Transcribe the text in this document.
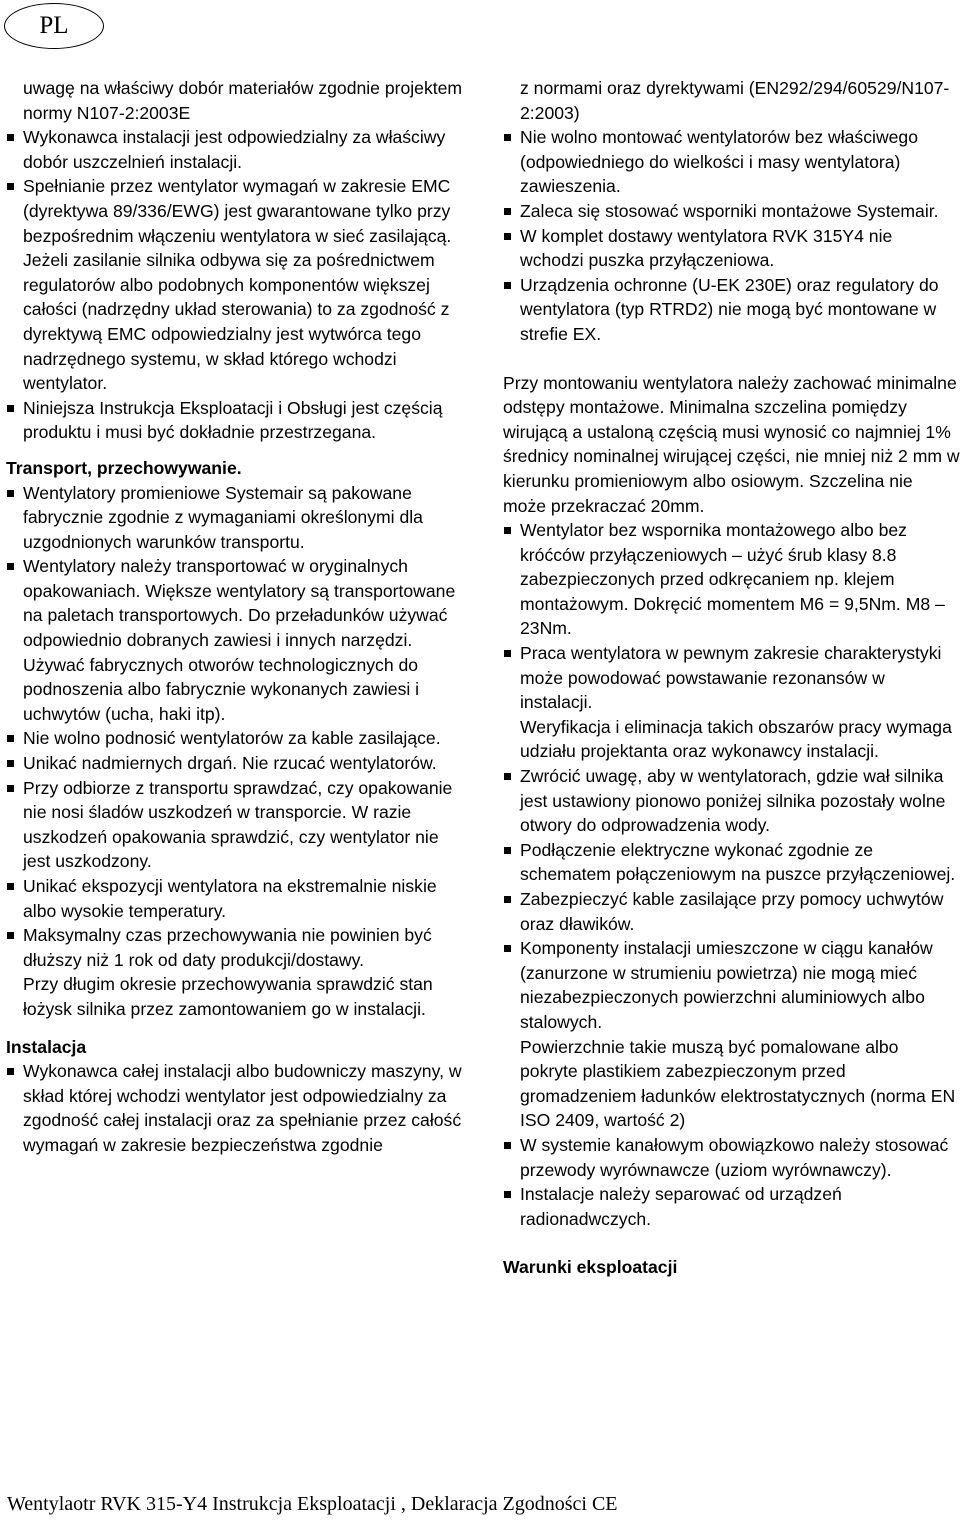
PL

uwagę na właściwy dobór materiałów zgodnie projektem normy N107-2:2003E

Wykonawca instalacji jest odpowiedzialny za właściwy dobór uszczelnień instalacji.
Spełnianie przez wentylator wymagań w zakresie EMC (dyrektywa 89/336/EWG) jest gwarantowane tylko przy bezpośrednim włączeniu wentylatora w sieć zasilającą. Jeżeli zasilanie silnika odbywa się za pośrednictwem regulatorów albo podobnych komponentów większej całości (nadrzędny układ sterowania) to za zgodność z dyrektywą EMC odpowiedzialny jest wytwórca tego nadrzędnego systemu, w skład którego wchodzi wentylator.
Niniejsza Instrukcja Eksploatacji i Obsługi jest częścią produktu i musi być dokładnie przestrzegana.

Transport, przechowywanie.

Wentylatory promieniowe Systemair są pakowane fabrycznie zgodnie z wymaganiami określonymi dla uzgodnionych warunków transportu.
Wentylatory należy transportować w oryginalnych opakowaniach. Większe wentylatory są transportowane na paletach transportowych. Do przeładunków używać odpowiednio dobranych zawiesi i innych narzędzi. Używać fabrycznych otworów technologicznych do podnoszenia albo fabrycznie wykonanych zawiesi i uchwytów (ucha, haki itp).
Nie wolno podnosić wentylatorów za kable zasilające.
Unikać nadmiernych drgań. Nie rzucać wentylatorów.
Przy odbiorze z transportu sprawdzać, czy opakowanie nie nosi śladów uszkodzeń w transporcie. W razie uszkodzeń opakowania sprawdzić, czy wentylator nie jest uszkodzony.
Unikać ekspozycji wentylatora na ekstremalnie niskie albo wysokie temperatury.
Maksymalny czas przechowywania nie powinien być dłuższy niż 1 rok od daty produkcji/dostawy.

Przy długim okresie przechowywania sprawdzić stan łożysk silnika przez zamontowaniem go w instalacji.

Instalacja

Wykonawca całej instalacji albo budowniczy maszyny, w skład której wchodzi wentylator jest odpowiedzialny za zgodność całej instalacji oraz za spełnianie przez całość wymagań w zakresie bezpieczeństwa zgodnie

z normami oraz dyrektywami (EN292/294/60529/N107-2:2003)

Nie wolno montować wentylatorów bez właściwego (odpowiedniego do wielkości i masy wentylatora) zawieszenia.
Zaleca się stosować wsporniki montażowe Systemair.
W komplet dostawy wentylatora RVK 315Y4 nie wchodzi puszka przyłączeniowa.
Urządzenia ochronne (U-EK 230E) oraz regulatory do wentylatora (typ RTRD2) nie mogą być montowane w strefie EX.

Przy montowaniu wentylatora należy zachować minimalne odstępy montażowe. Minimalna szczelina pomiędzy wirującą a ustaloną częścią musi wynosić co najmniej 1% średnicy nominalnej wirującej części, nie mniej niż 2 mm w kierunku promieniowym albo osiowym. Szczelina nie może przekraczać 20mm.

Wentylator bez wspornika montażowego albo bez króćców przyłączeniowych – użyć śrub klasy 8.8 zabezpieczonych przed odkręcaniem np. klejem montażowym. Dokręcić momentem M6 = 9,5Nm. M8 – 23Nm.
Praca wentylatora w pewnym zakresie charakterystyki może powodować powstawanie rezonansów w instalacji.

Weryfikacja i eliminacja takich obszarów pracy wymaga udziału projektanta oraz wykonawcy instalacji.

Zwrócić uwagę, aby w wentylatorach, gdzie wał silnika jest ustawiony pionowo poniżej silnika pozostały wolne otwory do odprowadzenia wody.
Podłączenie elektryczne wykonać zgodnie ze schematem połączeniowym na puszce przyłączeniowej.
Zabezpieczyć kable zasilające przy pomocy uchwytów oraz dławików.
Komponenty instalacji umieszczone w ciągu kanałów (zanurzone w strumieniu powietrza) nie mogą mieć niezabezpieczonych powierzchni aluminiowych albo stalowych.

Powierzchnie takie muszą być pomalowane albo pokryte plastikiem zabezpieczonym przed gromadzeniem ładunków elektrostatycznych (norma EN ISO 2409, wartość 2)

W systemie kanałowym obowiązkowo należy stosować przewody wyrównawcze (uziom wyrównawczy).
Instalacje należy separować od urządzeń radionadwczych.

Warunki eksploatacji

Wentylaotr RVK 315-Y4 Instrukcja Eksploatacji , Deklaracja Zgodności CE
